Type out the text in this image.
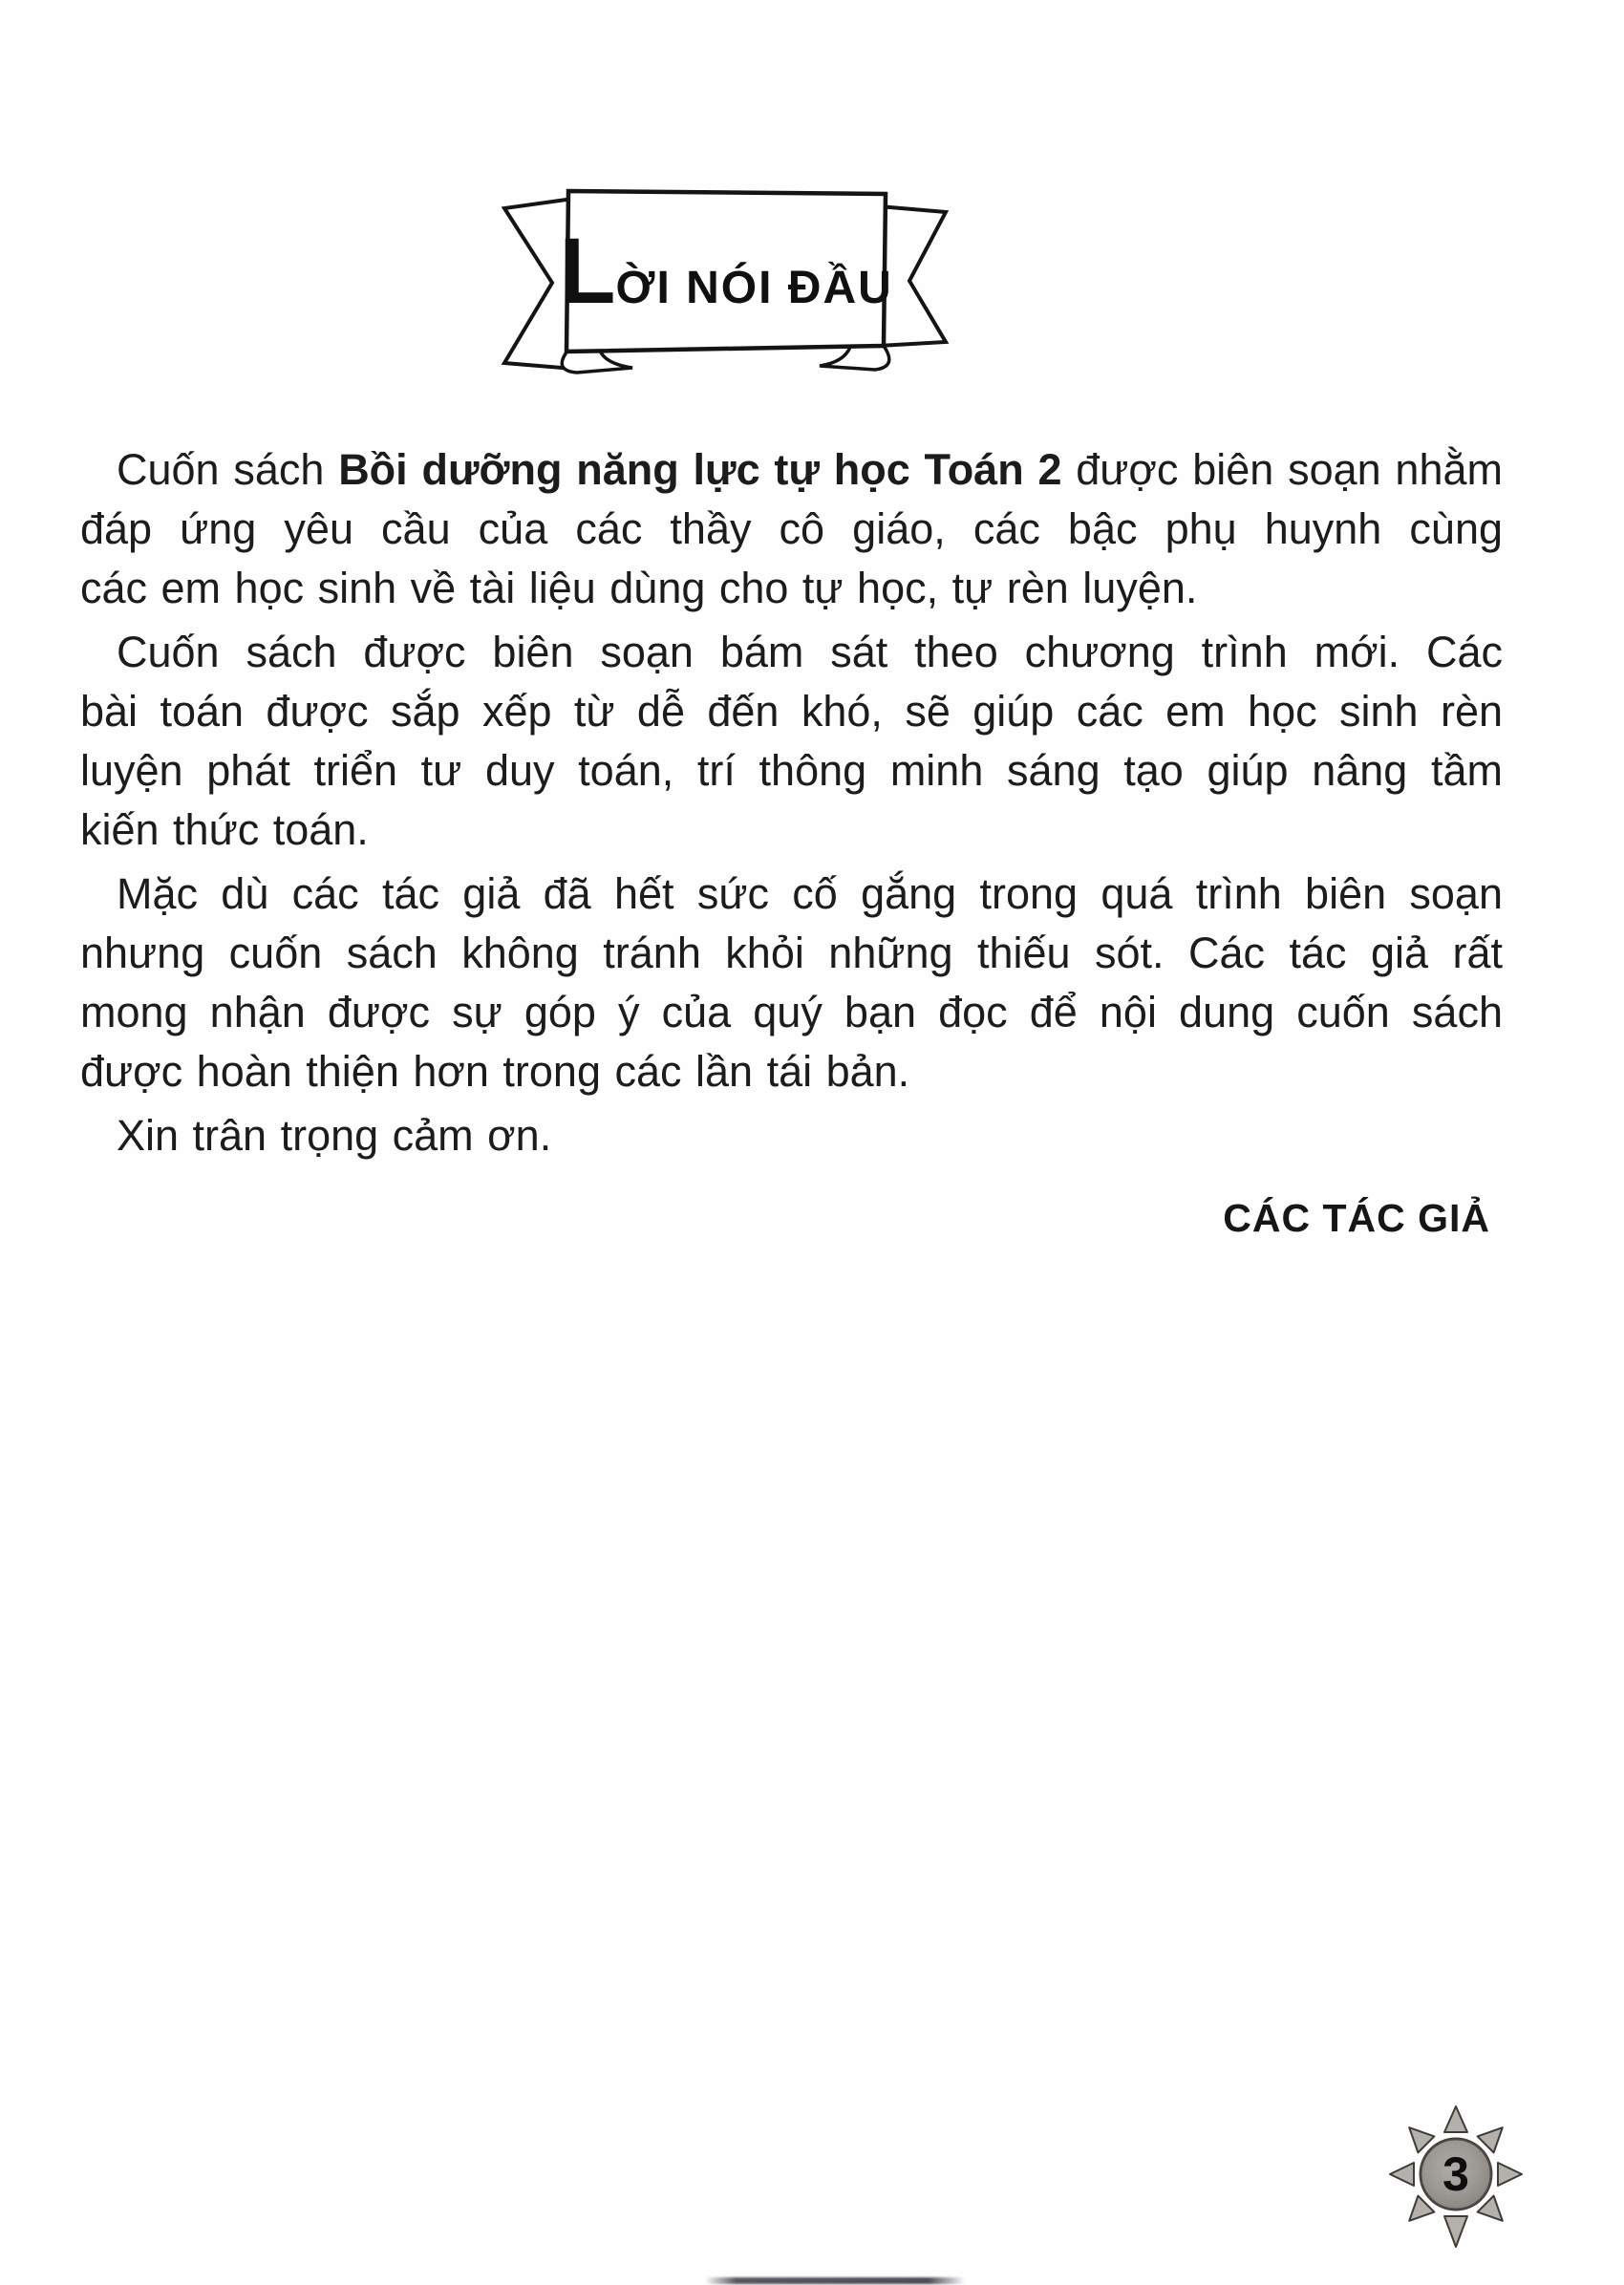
LỜI NÓI ĐẦU
Cuốn sách Bồi dưỡng năng lực tự học Toán 2 được biên soạn nhằm
đáp ứng yêu cầu của các thầy cô giáo, các bậc phụ huynh cùng
các em học sinh về tài liệu dùng cho tự học, tự rèn luyện.
Cuốn sách được biên soạn bám sát theo chương trình mới. Các
bài toán được sắp xếp từ dễ đến khó, sẽ giúp các em học sinh rèn
luyện phát triển tư duy toán, trí thông minh sáng tạo giúp nâng tầm
kiến thức toán.
Mặc dù các tác giả đã hết sức cố gắng trong quá trình biên soạn
nhưng cuốn sách không tránh khỏi những thiếu sót. Các tác giả rất
mong nhận được sự góp ý của quý bạn đọc để nội dung cuốn sách
được hoàn thiện hơn trong các lần tái bản.
Xin trân trọng cảm ơn.
CÁC TÁC GIẢ
3
